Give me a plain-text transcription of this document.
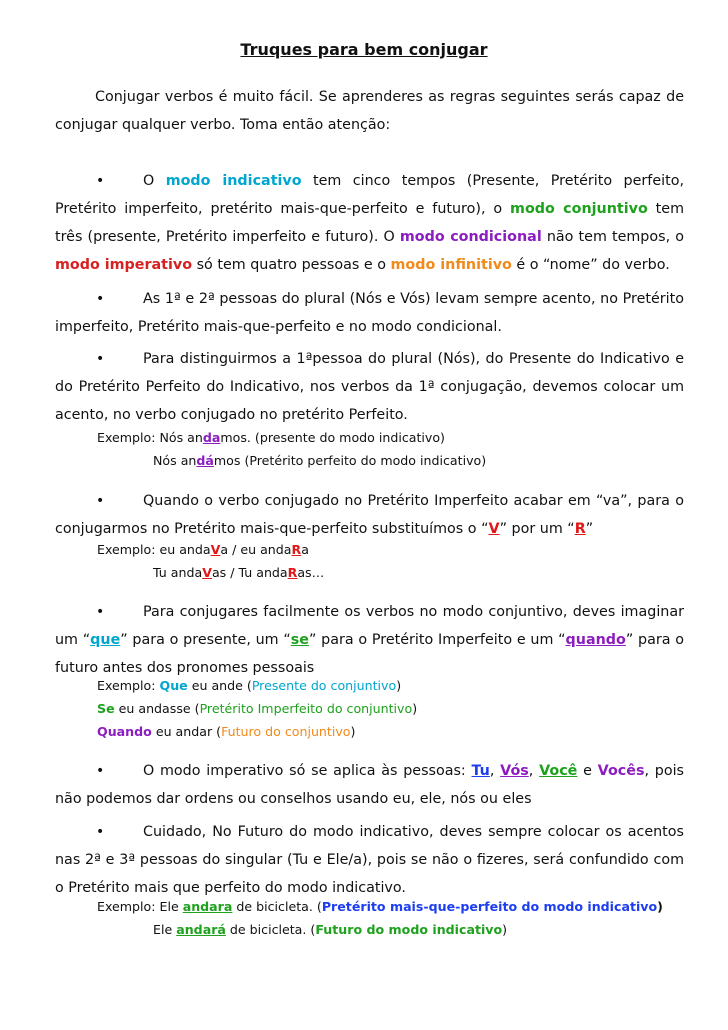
Truques para bem conjugar
Conjugar verbos é muito fácil. Se aprenderes as regras seguintes serás capaz de conjugar qualquer verbo. Toma então atenção:
•	O modo indicativo tem cinco tempos (Presente, Pretérito perfeito, Pretérito imperfeito, pretérito mais-que-perfeito e futuro), o modo conjuntivo tem três (presente, Pretérito imperfeito e futuro). O modo condicional não tem tempos, o modo imperativo só tem quatro pessoas e o modo infinitivo é o “nome” do verbo.
•	As 1ª e 2ª pessoas do plural (Nós e Vós) levam sempre acento, no Pretérito imperfeito, Pretérito mais-que-perfeito e no modo condicional.
•	Para distinguirmos a 1ªpessoa do plural (Nós), do Presente do Indicativo e do Pretérito Perfeito do Indicativo, nos verbos da 1ª conjugação, devemos colocar um acento, no verbo conjugado no pretérito Perfeito.
Exemplo: Nós andamos. (presente do modo indicativo)
Nós andámos (Pretérito perfeito do modo indicativo)
•	Quando o verbo conjugado no Pretérito Imperfeito acabar em “va”, para o conjugarmos no Pretérito mais-que-perfeito substituímos o “V” por um “R”
Exemplo: eu andaVa / eu andaRa
Tu andaVas / Tu andaRas…
•	Para conjugares facilmente os verbos no modo conjuntivo, deves imaginar um “que” para o presente, um “se” para o Pretérito Imperfeito e um “quando” para o futuro antes dos pronomes pessoais
Exemplo: Que eu ande (Presente do conjuntivo)
Se eu andasse (Pretérito Imperfeito do conjuntivo)
Quando eu andar (Futuro do conjuntivo)
•	O modo imperativo só se aplica às pessoas: Tu, Vós, Você e Vocês, pois não podemos dar ordens ou conselhos usando eu, ele, nós ou eles
•	Cuidado, No Futuro do modo indicativo, deves sempre colocar os acentos nas 2ª e 3ª pessoas do singular (Tu e Ele/a), pois se não o fizeres, será confundido com o Pretérito mais que perfeito do modo indicativo.
Exemplo: Ele andara de bicicleta. (Pretérito mais-que-perfeito do modo indicativo)
Ele andará de bicicleta. (Futuro do modo indicativo)
